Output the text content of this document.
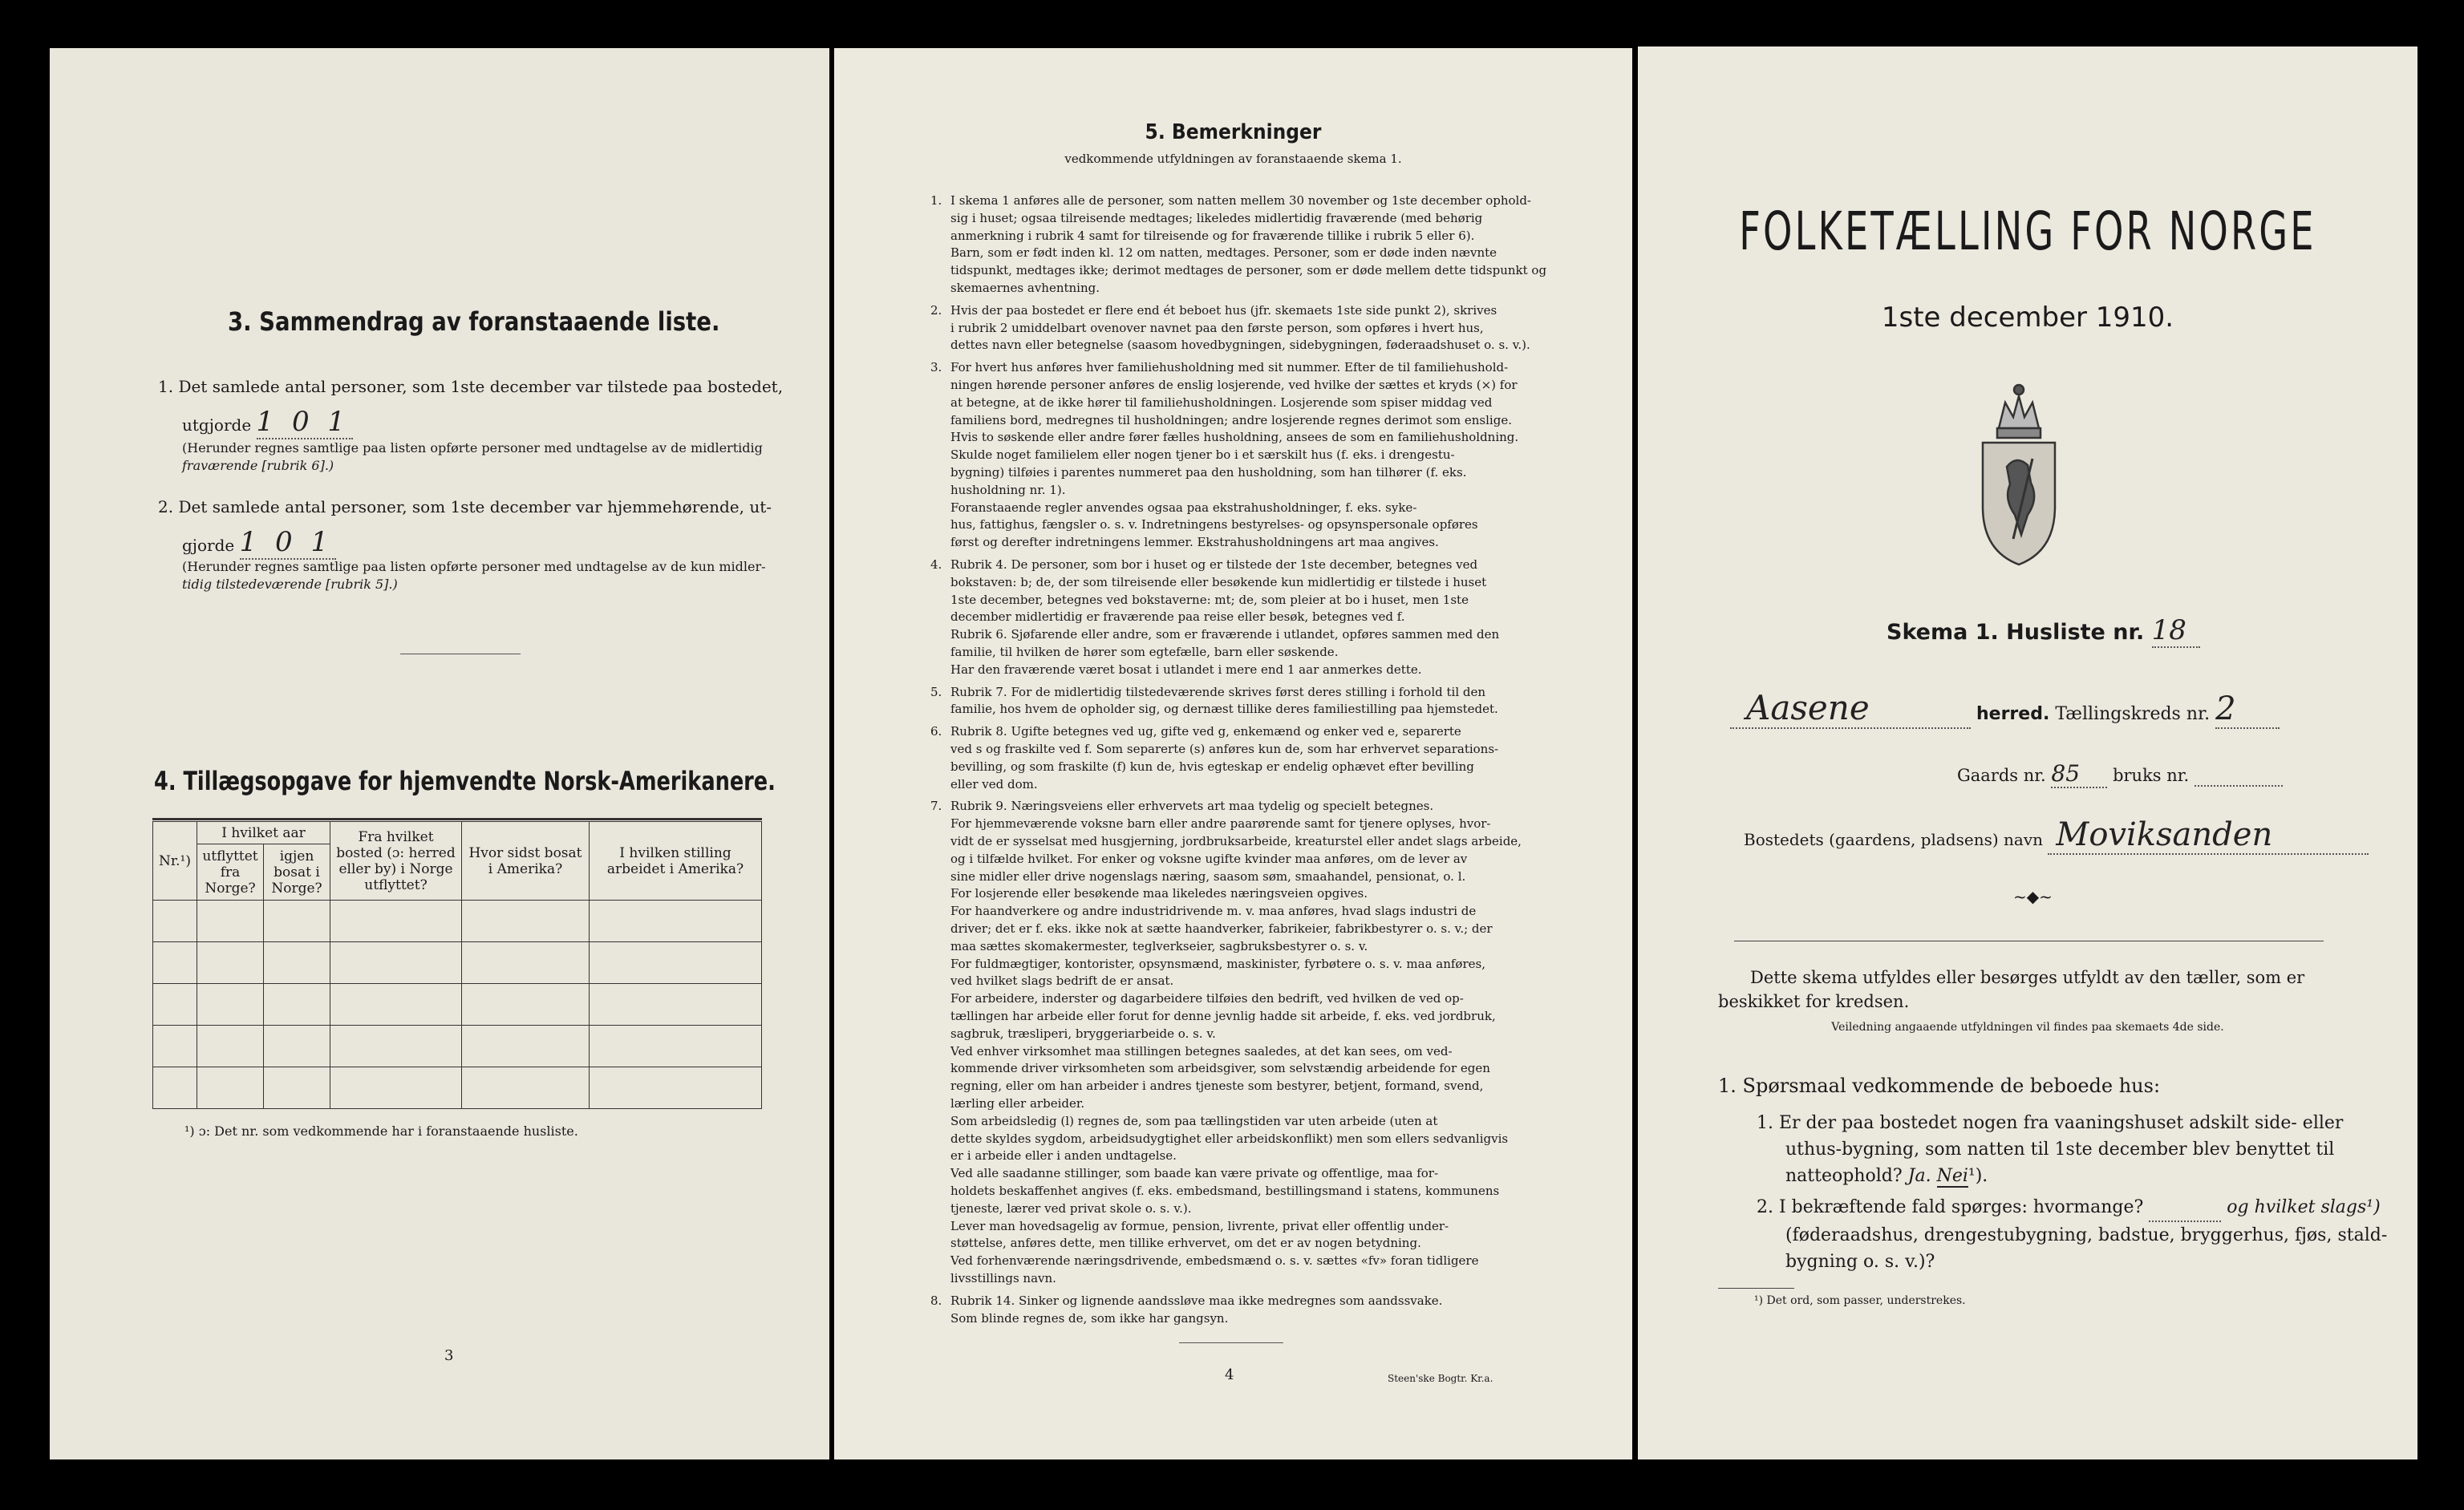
3. Sammendrag av foranstaaende liste.
1. Det samlede antal personer, som 1ste december var tilstede paa bostedet,
utgjorde 1 0 1
(Herunder regnes samtlige paa listen opførte personer med undtagelse av de midlertidig
fraværende [rubrik 6].)
2. Det samlede antal personer, som 1ste december var hjemmehørende, ut-
gjorde 1 0 1
(Herunder regnes samtlige paa listen opførte personer med undtagelse av de kun midler-
tidig tilstedeværende [rubrik 5].)
4. Tillægsopgave for hjemvendte Norsk-Amerikanere.
Nr.¹)	I hvilket aar		Fra hvilket bosted (ɔ: herred eller by) i Norge utflyttet?	Hvor sidst bosat i Amerika?	I hvilken stilling arbeidet i Amerika?
	utflyttet fra Norge?	igjen bosat i Norge?			

¹) ɔ: Det nr. som vedkommende har i foranstaaende husliste.
3
5. Bemerkninger
vedkommende utfyldningen av foranstaaende skema 1.
1. I skema 1 anføres alle de personer, som natten mellem 30 november og 1ste december ophold-
sig i huset; ogsaa tilreisende medtages; likeledes midlertidig fraværende (med behørig
anmerkning i rubrik 4 samt for tilreisende og for fraværende tillike i rubrik 5 eller 6).
Barn, som er født inden kl. 12 om natten, medtages. Personer, som er døde inden nævnte
tidspunkt, medtages ikke; derimot medtages de personer, som er døde mellem dette tidspunkt og
skemaernes avhentning.
2. Hvis der paa bostedet er flere end ét beboet hus (jfr. skemaets 1ste side punkt 2), skrives
i rubrik 2 umiddelbart ovenover navnet paa den første person, som opføres i hvert hus,
dettes navn eller betegnelse (saasom hovedbygningen, sidebygningen, føderaadshuset o. s. v.).
3. For hvert hus anføres hver familiehusholdning med sit nummer. Efter de til familiehushold-
ningen hørende personer anføres de enslig losjerende, ved hvilke der sættes et kryds (×) for
at betegne, at de ikke hører til familiehusholdningen. Losjerende som spiser middag ved
familiens bord, medregnes til husholdningen; andre losjerende regnes derimot som enslige.
Hvis to søskende eller andre fører fælles husholdning, ansees de som en familiehusholdning.
Skulde noget familielem eller nogen tjener bo i et særskilt hus (f. eks. i drengestu-
bygning) tilføies i parentes nummeret paa den husholdning, som han tilhører (f. eks.
husholdning nr. 1).
Foranstaaende regler anvendes ogsaa paa ekstrahusholdninger, f. eks. syke-
hus, fattighus, fængsler o. s. v. Indretningens bestyrelses- og opsynspersonale opføres
først og derefter indretningens lemmer. Ekstrahusholdningens art maa angives.
4. Rubrik 4. De personer, som bor i huset og er tilstede der 1ste december, betegnes ved
bokstaven: b; de, der som tilreisende eller besøkende kun midlertidig er tilstede i huset
1ste december, betegnes ved bokstaverne: mt; de, som pleier at bo i huset, men 1ste
december midlertidig er fraværende paa reise eller besøk, betegnes ved f.
Rubrik 6. Sjøfarende eller andre, som er fraværende i utlandet, opføres sammen med den
familie, til hvilken de hører som egtefælle, barn eller søskende.
Har den fraværende været bosat i utlandet i mere end 1 aar anmerkes dette.
5. Rubrik 7. For de midlertidig tilstedeværende skrives først deres stilling i forhold til den
familie, hos hvem de opholder sig, og dernæst tillike deres familiestilling paa hjemstedet.
6. Rubrik 8. Ugifte betegnes ved ug, gifte ved g, enkemænd og enker ved e, separerte
ved s og fraskilte ved f. Som separerte (s) anføres kun de, som har erhvervet separations-
bevilling, og som fraskilte (f) kun de, hvis egteskap er endelig ophævet efter bevilling
eller ved dom.
7. Rubrik 9. Næringsveiens eller erhvervets art maa tydelig og specielt betegnes.
For hjemmeværende voksne barn eller andre paarørende samt for tjenere oplyses, hvor-
vidt de er sysselsat med husgjerning, jordbruksarbeide, kreaturstel eller andet slags arbeide,
og i tilfælde hvilket. For enker og voksne ugifte kvinder maa anføres, om de lever av
sine midler eller drive nogenslags næring, saasom søm, smaahandel, pensionat, o. l.
For losjerende eller besøkende maa likeledes næringsveien opgives.
For haandverkere og andre industridrivende m. v. maa anføres, hvad slags industri de
driver; det er f. eks. ikke nok at sætte haandverker, fabrikeier, fabrikbestyrer o. s. v.; der
maa sættes skomakermester, teglverkseier, sagbruksbestyrer o. s. v.
For fuldmægtiger, kontorister, opsynsmænd, maskinister, fyrbøtere o. s. v. maa anføres,
ved hvilket slags bedrift de er ansat.
For arbeidere, inderster og dagarbeidere tilføies den bedrift, ved hvilken de ved op-
tællingen har arbeide eller forut for denne jevnlig hadde sit arbeide, f. eks. ved jordbruk,
sagbruk, træsliperi, bryggeriarbeide o. s. v.
Ved enhver virksomhet maa stillingen betegnes saaledes, at det kan sees, om ved-
kommende driver virksomheten som arbeidsgiver, som selvstændig arbeidende for egen
regning, eller om han arbeider i andres tjeneste som bestyrer, betjent, formand, svend,
lærling eller arbeider.
Som arbeidsledig (l) regnes de, som paa tællingstiden var uten arbeide (uten at
dette skyldes sygdom, arbeidsudygtighet eller arbeidskonflikt) men som ellers sedvanligvis
er i arbeide eller i anden undtagelse.
Ved alle saadanne stillinger, som baade kan være private og offentlige, maa for-
holdets beskaffenhet angives (f. eks. embedsmand, bestillingsmand i statens, kommunens
tjeneste, lærer ved privat skole o. s. v.).
Lever man hovedsagelig av formue, pension, livrente, privat eller offentlig under-
støttelse, anføres dette, men tillike erhvervet, om det er av nogen betydning.
Ved forhenværende næringsdrivende, embedsmænd o. s. v. sættes «fv» foran tidligere
livsstillings navn.
8. Rubrik 14. Sinker og lignende aandssløve maa ikke medregnes som aandssvake.
Som blinde regnes de, som ikke har gangsyn.
4	Steen'ske Bogtr. Kr.a.
FOLKETÆLLING FOR NORGE
1ste december 1910.
Skema 1. Husliste nr. 18
Aasene	herred. Tællingskreds nr. 2
Gaards nr. 85 bruks nr.
Bostedets (gaardens, pladsens) navn Moviksanden
~◆~
Dette skema utfyldes eller besørges utfyldt av den tæller, som er
beskikket for kredsen.
Veiledning angaaende utfyldningen vil findes paa skemaets 4de side.
1. Spørsmaal vedkommende de beboede hus:
1. Er der paa bostedet nogen fra vaaningshuset adskilt side- eller
uthus-bygning, som natten til 1ste december blev benyttet til
natteophold? Ja. Nei¹).
2. I bekræftende fald spørges: hvormange?	og hvilket slags¹)
(føderaadshus, drengestubygning, badstue, bryggerhus, fjøs, stald-
bygning o. s. v.)?
¹) Det ord, som passer, understrekes.
